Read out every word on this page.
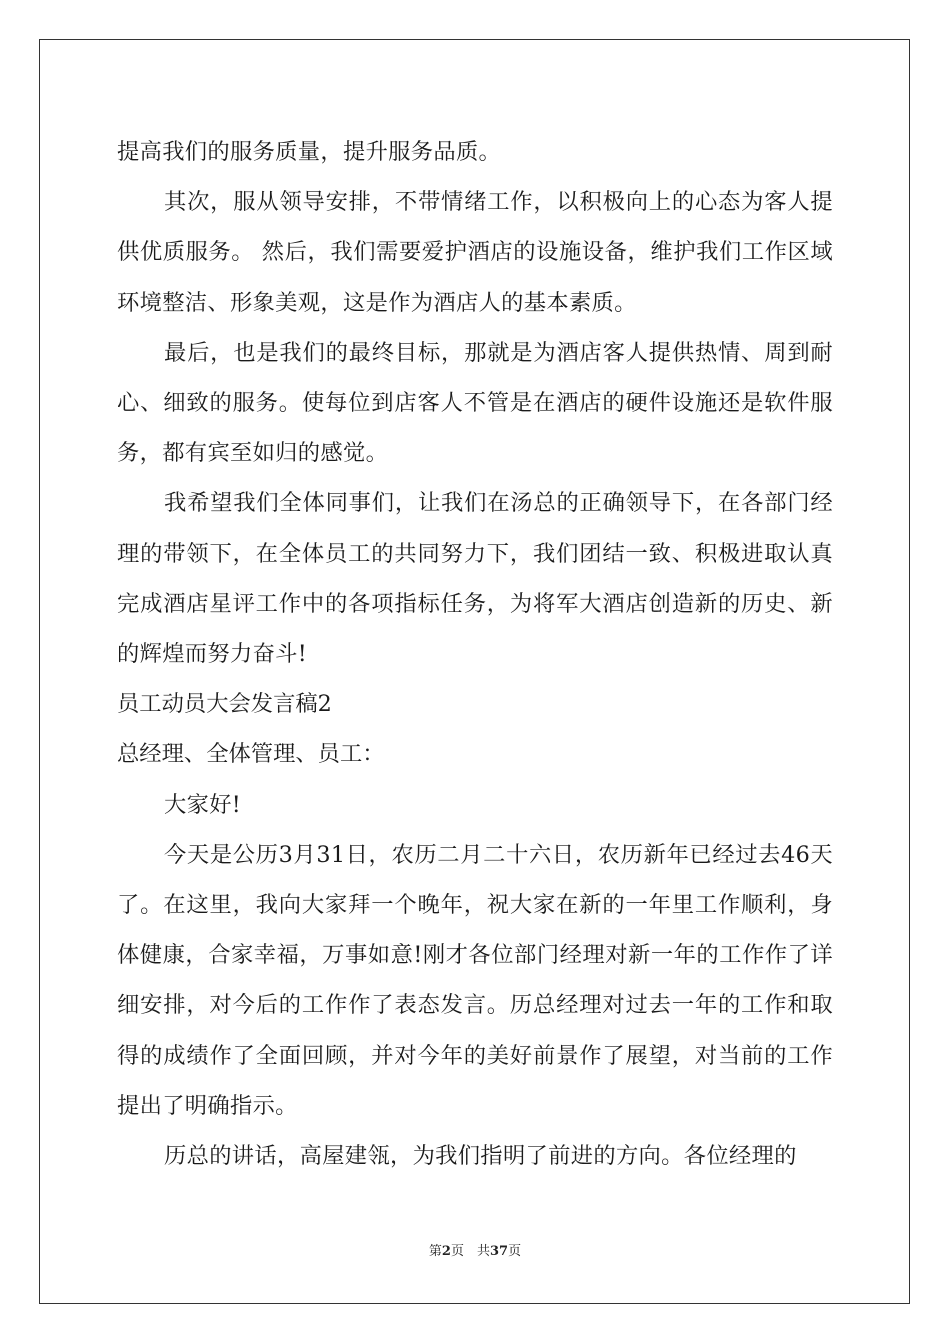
提高我们的服务质量，提升服务品质。

其次，服从领导安排，不带情绪工作，以积极向上的心态为客人提供优质服务。 然后，我们需要爱护酒店的设施设备，维护我们工作区域环境整洁、形象美观，这是作为酒店人的基本素质。

最后，也是我们的最终目标，那就是为酒店客人提供热情、周到耐心、细致的服务。使每位到店客人不管是在酒店的硬件设施还是软件服务，都有宾至如归的感觉。

我希望我们全体同事们，让我们在汤总的正确领导下，在各部门经理的带领下，在全体员工的共同努力下，我们团结一致、积极进取认真完成酒店星评工作中的各项指标任务，为将军大酒店创造新的历史、新的辉煌而努力奋斗!

员工动员大会发言稿2

总经理、全体管理、员工：

大家好!

今天是公历3月31日，农历二月二十六日，农历新年已经过去46天了。在这里，我向大家拜一个晚年，祝大家在新的一年里工作顺利，身体健康，合家幸福，万事如意!刚才各位部门经理对新一年的工作作了详细安排，对今后的工作作了表态发言。历总经理对过去一年的工作和取得的成绩作了全面回顾，并对今年的美好前景作了展望，对当前的工作提出了明确指示。

历总的讲话，高屋建瓴，为我们指明了前进的方向。各位经理的

第2页　共37页
